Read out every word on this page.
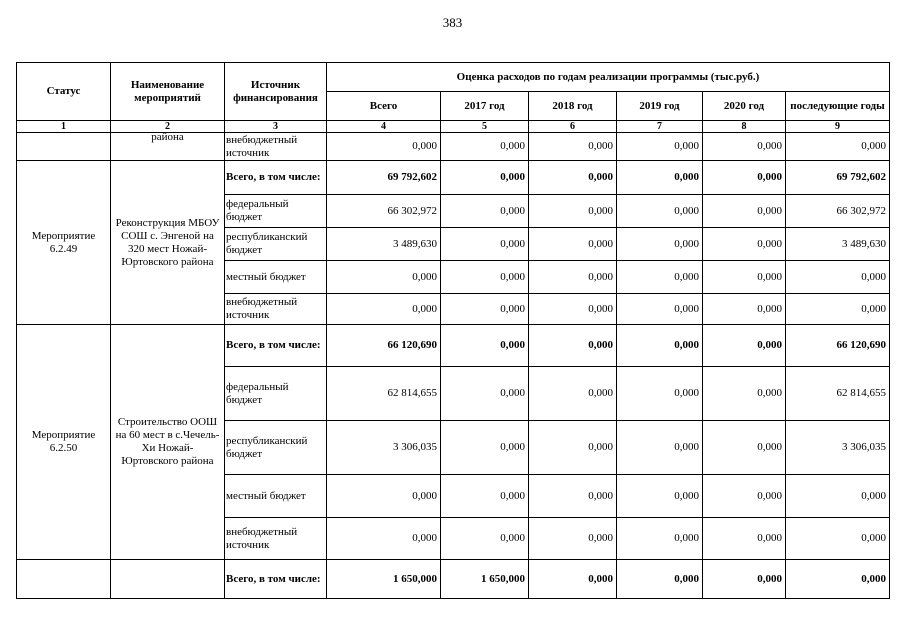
383
Статус	Наименование мероприятий	Источник финансирования	Оценка расходов по годам реализации программы (тыс.руб.)					
			Всего	2017 год	2018 год	2019 год	2020 год	последующие годы
1	2	3	4	5	6	7	8	9
	района	внебюджетный источник	0,000	0,000	0,000	0,000	0,000	0,000
Мероприятие 6.2.49	Реконструкция МБОУ СОШ с. Энгеной на 320 мест Ножай-Юртовского района	Всего, в том числе:	69 792,602	0,000	0,000	0,000	0,000	69 792,602
		федеральный бюджет	66 302,972	0,000	0,000	0,000	0,000	66 302,972
		республиканский бюджет	3 489,630	0,000	0,000	0,000	0,000	3 489,630
		местный бюджет	0,000	0,000	0,000	0,000	0,000	0,000
		внебюджетный источник	0,000	0,000	0,000	0,000	0,000	0,000
Мероприятие 6.2.50	Строительство ООШ на 60 мест в с.Чечель-Хи Ножай-Юртовского района	Всего, в том числе:	66 120,690	0,000	0,000	0,000	0,000	66 120,690
		федеральный бюджет	62 814,655	0,000	0,000	0,000	0,000	62 814,655
		республиканский бюджет	3 306,035	0,000	0,000	0,000	0,000	3 306,035
		местный бюджет	0,000	0,000	0,000	0,000	0,000	0,000
		внебюджетный источник	0,000	0,000	0,000	0,000	0,000	0,000
		Всего, в том числе:	1 650,000	1 650,000	0,000	0,000	0,000	0,000
